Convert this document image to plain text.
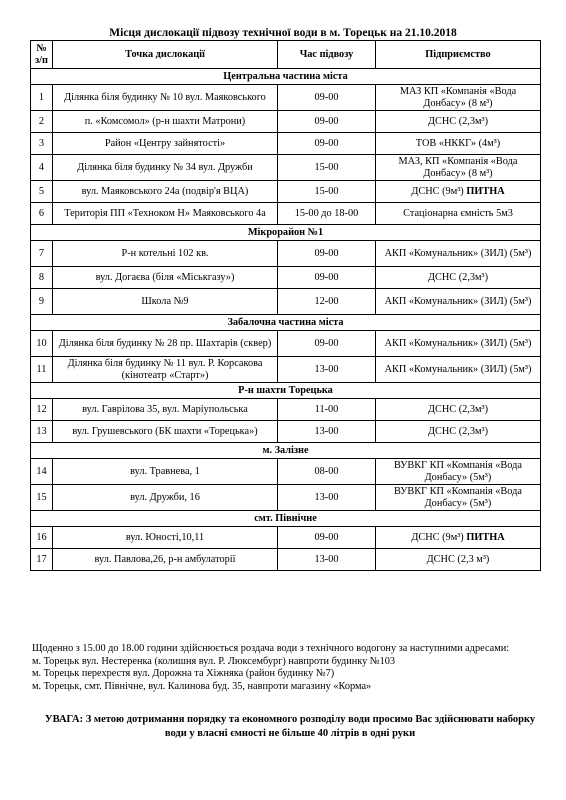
Місця дислокації підвозу технічної води в м. Торецьк на 21.10.2018
№
з/п	Точка дислокації	Час підвозу	Підприємство
Центральна частина міста			
1	Ділянка біля будинку № 10 вул. Маяковського	09-00	МАЗ КП «Компанія «Вода Донбасу» (8 м³)
2	п. «Комсомол» (р-н шахти Матрони)	09-00	ДСНС (2,3м³)
3	Район «Центру зайнятості»	09-00	ТОВ «НККГ» (4м³)
4	Ділянка біля будинку № 34 вул. Дружби	15-00	МАЗ, КП «Компанія «Вода Донбасу» (8 м³)
5	вул. Маяковського 24а (подвір'я ВЦА)	15-00	ДСНС (9м³) ПИТНА
6	Територія ПП «Техноком Н» Маяковського 4а	15-00 до 18-00	Стаціонарна ємність 5м3
Мікрорайон №1			
7	Р-н котельні 102 кв.	09-00	АКП «Комунальник» (ЗИЛ) (5м³)
8	вул. Догаєва (біля «Міськгазу»)	09-00	ДСНС (2,3м³)
9	Школа №9	12-00	АКП «Комунальник» (ЗИЛ) (5м³)
Забалочна частина міста			
10	Ділянка біля будинку № 28 пр. Шахтарів (сквер)	09-00	АКП «Комунальник» (ЗИЛ) (5м³)
11	Ділянка біля будинку № 11 вул. Р. Корсакова (кінотеатр «Старт»)	13-00	АКП «Комунальник» (ЗИЛ) (5м³)
Р-н шахти Торецька			
12	вул. Гаврілова 35, вул. Маріупольська	11-00	ДСНС (2,3м³)
13	вул. Грушевського (БК шахти «Торецька»)	13-00	ДСНС (2,3м³)
м. Залізне			
14	вул. Травнева, 1	08-00	ВУВКГ КП «Компанія «Вода Донбасу» (5м³)
15	вул. Дружби, 16	13-00	ВУВКГ КП «Компанія «Вода Донбасу» (5м³)
смт. Північне			
16	вул. Юності,10,11	09-00	ДСНС (9м³) ПИТНА
17	вул. Павлова,26, р-н амбулаторії	13-00	ДСНС (2,3 м³)
Щоденно з 15.00 до 18.00 години здійснюється роздача води з технічного водогону за наступними адресами:
м. Торецьк вул. Нестеренка (колишня вул. Р. Люксембург) навпроти будинку №103
м. Торецьк перехрестя вул. Дорожна та Хіжняка (район будинку №7)
м. Торецьк, смт. Північне, вул. Калинова буд. 35, навпроти магазину «Корма»
УВАГА: З метою дотримання порядку та економного розподілу води просимо Вас здійснювати наборку води у власні ємності не більше 40 літрів в одні руки
